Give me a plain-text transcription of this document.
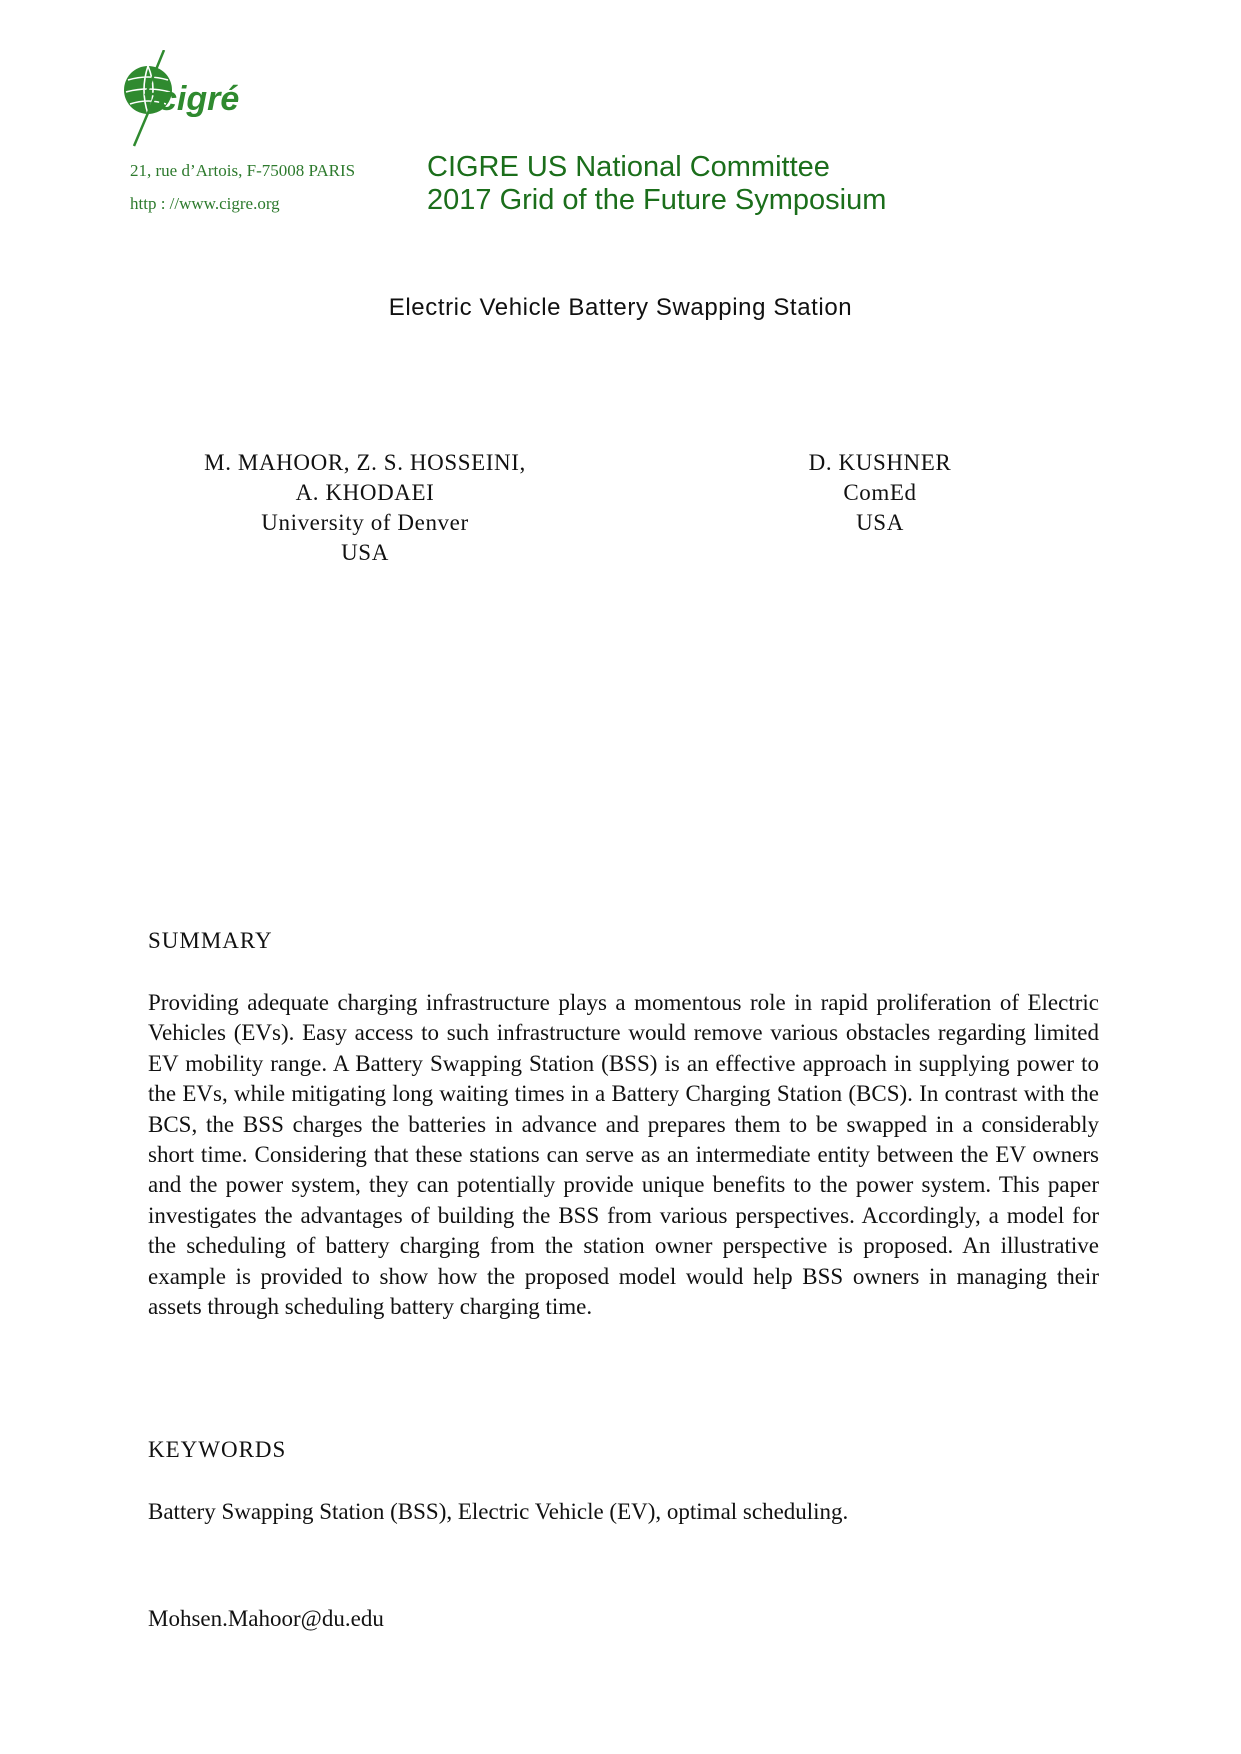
cigré
21, rue d’Artois, F-75008 PARIS
http : //www.cigre.org
CIGRE US National Committee
2017 Grid of the Future Symposium
Electric Vehicle Battery Swapping Station
M. MAHOOR, Z. S. HOSSEINI,
A. KHODAEI
University of Denver
USA
D. KUSHNER
ComEd
USA
SUMMARY
Providing adequate charging infrastructure plays a momentous role in rapid proliferation of Electric Vehicles (EVs). Easy access to such infrastructure would remove various obstacles regarding limited EV mobility range. A Battery Swapping Station (BSS) is an effective approach in supplying power to the EVs, while mitigating long waiting times in a Battery Charging Station (BCS). In contrast with the BCS, the BSS charges the batteries in advance and prepares them to be swapped in a considerably short time. Considering that these stations can serve as an intermediate entity between the EV owners and the power system, they can potentially provide unique benefits to the power system. This paper investigates the advantages of building the BSS from various perspectives. Accordingly, a model for the scheduling of battery charging from the station owner perspective is proposed. An illustrative example is provided to show how the proposed model would help BSS owners in managing their assets through scheduling battery charging time.
KEYWORDS
Battery Swapping Station (BSS), Electric Vehicle (EV), optimal scheduling.
Mohsen.Mahoor@du.edu
